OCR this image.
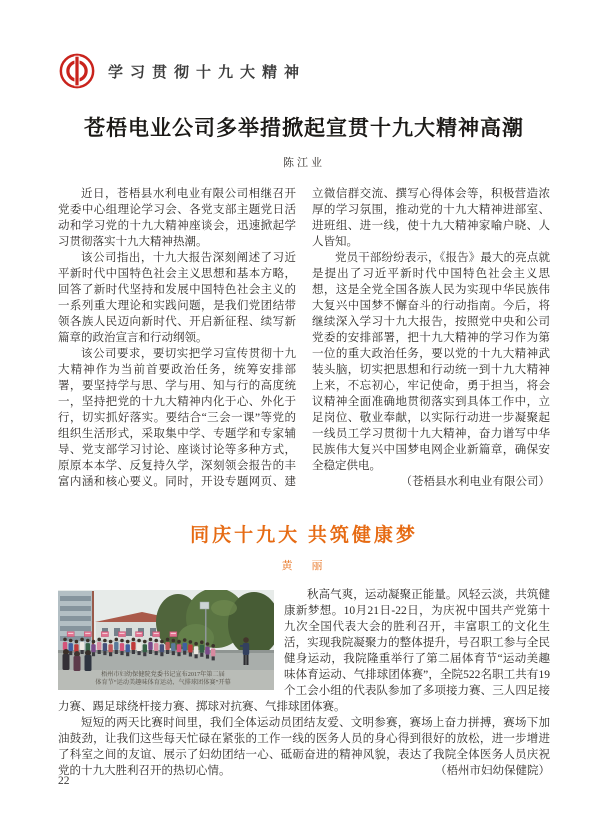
学习贯彻十九大精神
苍梧电业公司多举措掀起宣贯十九大精神高潮
陈江业

近日，苍梧县水利电业有限公司相继召开党委中心组理论学习会、各党支部主题党日活动和学习党的十九大精神座谈会，迅速掀起学习贯彻落实十九大精神热潮。

该公司指出，十九大报告深刻阐述了习近平新时代中国特色社会主义思想和基本方略，回答了新时代坚持和发展中国特色社会主义的一系列重大理论和实践问题，是我们党团结带领各族人民迈向新时代、开启新征程、续写新篇章的政治宣言和行动纲领。

该公司要求，要切实把学习宣传贯彻十九大精神作为当前首要政治任务，统筹安排部署，要坚持学与思、学与用、知与行的高度统一，坚持把党的十九大精神内化于心、外化于行，切实抓好落实。要结合“三会一课”等党的组织生活形式，采取集中学、专题学和专家辅导、党支部学习讨论、座谈讨论等多种方式，原原本本学、反复持久学，深刻领会报告的丰富内涵和核心要义。同时，开设专题网页、建立微信群交流、撰写心得体会等，积极营造浓厚的学习氛围，推动党的十九大精神进部室、进班组、进一线，使十九大精神家喻户晓、人人皆知。

党员干部纷纷表示，《报告》最大的亮点就是提出了习近平新时代中国特色社会主义思想，这是全党全国各族人民为实现中华民族伟大复兴中国梦不懈奋斗的行动指南。今后，将继续深入学习十九大报告，按照党中央和公司党委的安排部署，把十九大精神的学习作为第一位的重大政治任务，要以党的十九大精神武装头脑，切实把思想和行动统一到十九大精神上来，不忘初心，牢记使命，勇于担当，将会议精神全面准确地贯彻落实到具体工作中，立足岗位、敬业奉献，以实际行动进一步凝聚起一线员工学习贯彻十九大精神，奋力谱写中华民族伟大复兴中国梦电网企业新篇章，确保安全稳定供电。
（苍梧县水利电业有限公司）

同庆十九大 共筑健康梦
黄　丽
梧州市妇幼保健院党委书记宣布2017年第二届
体育节“运动美趣味体育运动、气排球团体赛”开幕

秋高气爽，运动凝聚正能量。风轻云淡，共筑健康新梦想。10月21日-22日，为庆祝中国共产党第十九次全国代表大会的胜利召开，丰富职工的文化生活，实现我院凝聚力的整体提升，号召职工参与全民健身运动，我院隆重举行了第二届体育节“运动美趣味体育运动、气排球团体赛”，全院522名职工共有19个工会小组的代表队参加了多项接力赛、三人四足接力赛、踢足球绕杆接力赛、掷球对抗赛、气排球团体赛。

短短的两天比赛时间里，我们全体运动员团结友爱、文明参赛，赛场上奋力拼搏，赛场下加油鼓劲，让我们这些每天忙碌在紧张的工作一线的医务人员的身心得到很好的放松，进一步增进了科室之间的友谊、展示了妇幼团结一心、砥砺奋进的精神风貌，表达了我院全体医务人员庆祝党的十九大胜利召开的热切心情。	（梧州市妇幼保健院）

22
